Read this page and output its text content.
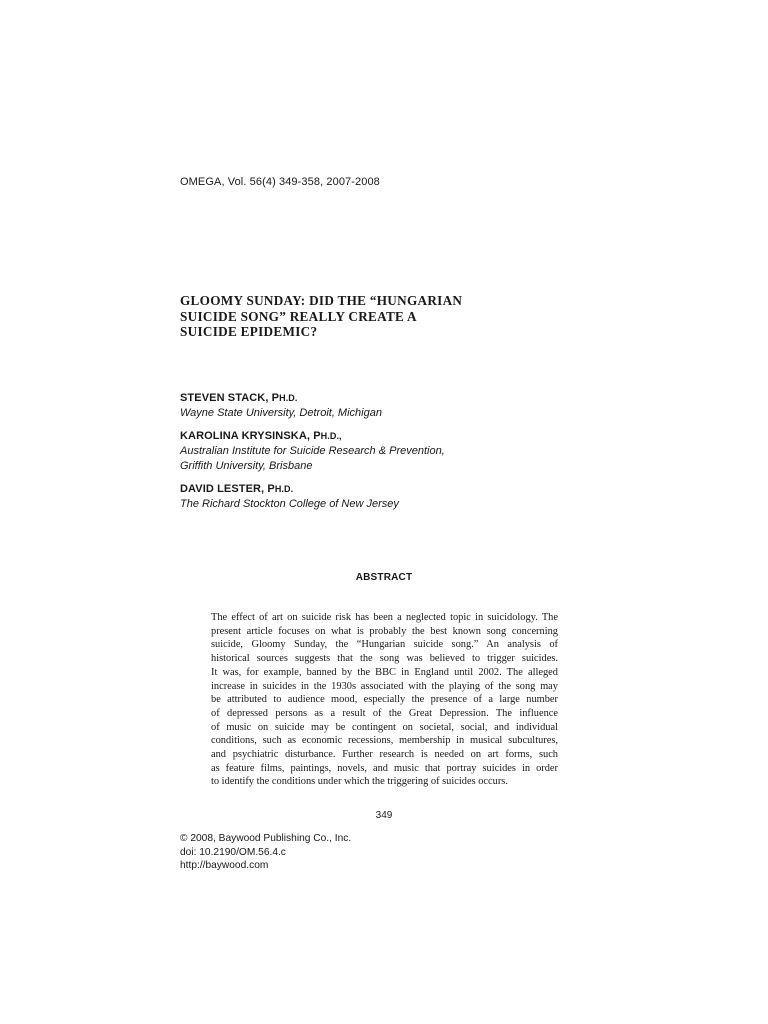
OMEGA, Vol. 56(4) 349-358, 2007-2008
GLOOMY SUNDAY: DID THE “HUNGARIAN
SUICIDE SONG” REALLY CREATE A
SUICIDE EPIDEMIC?
STEVEN STACK, PH.D.
Wayne State University, Detroit, Michigan
KAROLINA KRYSINSKA, PH.D.,
Australian Institute for Suicide Research & Prevention,
Griffith University, Brisbane
DAVID LESTER, PH.D.
The Richard Stockton College of New Jersey
ABSTRACT
The effect of art on suicide risk has been a neglected topic in suicidology. The
present article focuses on what is probably the best known song concerning
suicide, Gloomy Sunday, the “Hungarian suicide song.” An analysis of
historical sources suggests that the song was believed to trigger suicides.
It was, for example, banned by the BBC in England until 2002. The alleged
increase in suicides in the 1930s associated with the playing of the song may
be attributed to audience mood, especially the presence of a large number
of depressed persons as a result of the Great Depression. The influence
of music on suicide may be contingent on societal, social, and individual
conditions, such as economic recessions, membership in musical subcultures,
and psychiatric disturbance. Further research is needed on art forms, such
as feature films, paintings, novels, and music that portray suicides in order
to identify the conditions under which the triggering of suicides occurs.
349
© 2008, Baywood Publishing Co., Inc.
doi: 10.2190/OM.56.4.c
http://baywood.com
